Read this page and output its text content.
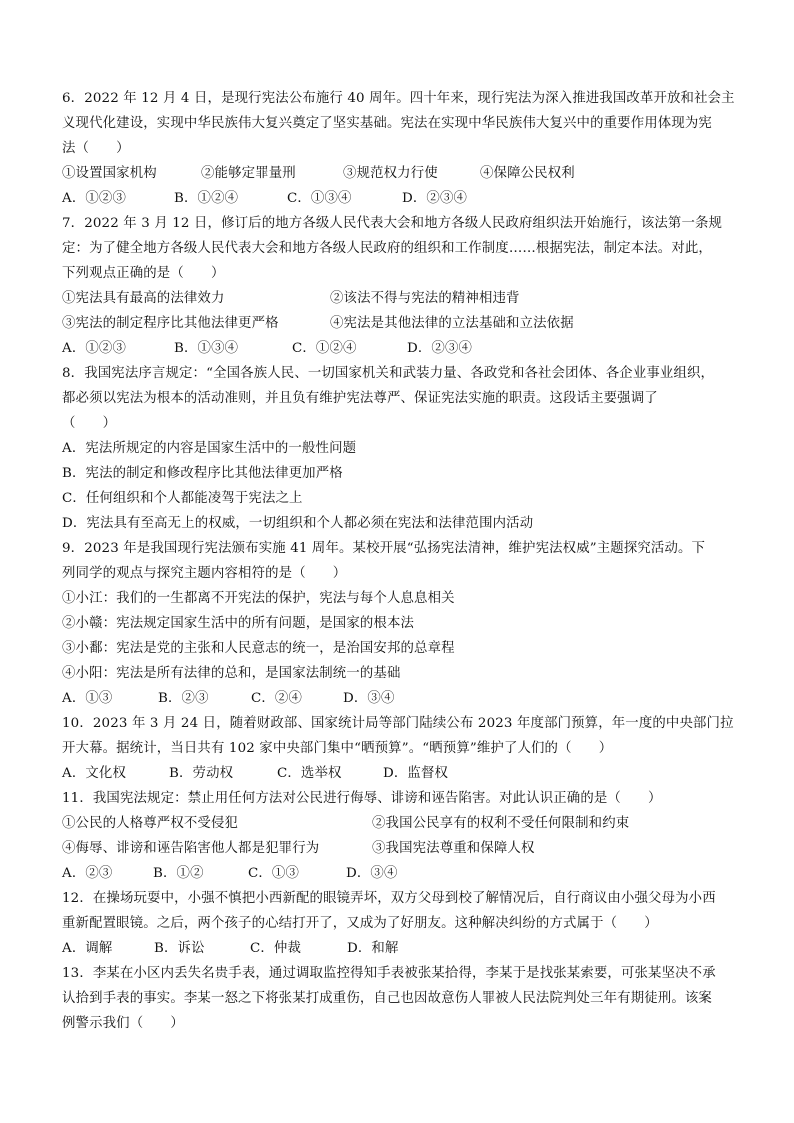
6．2022 年 12 月 4 日，是现行宪法公布施行 40 周年。四十年来，现行宪法为深入推进我国改革开放和社会主
义现代化建设，实现中华民族伟大复兴奠定了坚实基础。宪法在实现中华民族伟大复兴中的重要作用体现为宪
法（　　）
①设置国家机构	②能够定罪量刑	③规范权力行使	④保障公民权利
A．①②③	B．①②④	C．①③④	D．②③④
7．2022 年 3 月 12 日，修订后的地方各级人民代表大会和地方各级人民政府组织法开始施行，该法第一条规
定：为了健全地方各级人民代表大会和地方各级人民政府的组织和工作制度……根据宪法，制定本法。对此，
下列观点正确的是（　　）
①宪法具有最高的法律效力	②该法不得与宪法的精神相违背
③宪法的制定程序比其他法律更严格	④宪法是其他法律的立法基础和立法依据
A．①②③	B．①③④	C．①②④	D．②③④
8．我国宪法序言规定：“全国各族人民、一切国家机关和武装力量、各政党和各社会团体、各企业事业组织，
都必须以宪法为根本的活动准则，并且负有维护宪法尊严、保证宪法实施的职责。这段话主要强调了
（　　）
A．宪法所规定的内容是国家生活中的一般性问题
B．宪法的制定和修改程序比其他法律更加严格
C．任何组织和个人都能凌驾于宪法之上
D．宪法具有至高无上的权威，一切组织和个人都必须在宪法和法律范围内活动
9．2023 年是我国现行宪法颁布实施 41 周年。某校开展“弘扬宪法清神，维护宪法权威”主题探究活动。下
列同学的观点与探究主题内容相符的是（　　）
①小江：我们的一生都离不开宪法的保护，宪法与每个人息息相关
②小赣：宪法规定国家生活中的所有问题，是国家的根本法
③小鄱：宪法是党的主张和人民意志的统一，是治国安邦的总章程
④小阳：宪法是所有法律的总和，是国家法制统一的基础
A．①③	B．②③	C．②④	D．③④
10．2023 年 3 月 24 日，随着财政部、国家统计局等部门陆续公布 2023 年度部门预算，年一度的中央部门拉
开大幕。据统计，当日共有 102 家中央部门集中“晒预算”。“晒预算”维护了人们的（　　）
A．文化权	B．劳动权	C．选举权	D．监督权
11．我国宪法规定：禁止用任何方法对公民进行侮辱、诽谤和诬告陷害。对此认识正确的是（　　）
①公民的人格尊严权不受侵犯	②我国公民享有的权利不受任何限制和约束
④侮辱、诽谤和诬告陷害他人都是犯罪行为	③我国宪法尊重和保障人权
A．②③	B．①②	C．①③	D．③④
12．在操场玩耍中，小强不慎把小西新配的眼镜弄坏，双方父母到校了解情况后，自行商议由小强父母为小西
重新配置眼镜。之后，两个孩子的心结打开了，又成为了好朋友。这种解决纠纷的方式属于（　　）
A．调解	B．诉讼	C．仲裁	D．和解
13．李某在小区内丢失名贵手表，通过调取监控得知手表被张某拾得，李某于是找张某索要，可张某坚决不承
认拾到手表的事实。李某一怒之下将张某打成重伤，自己也因故意伤人罪被人民法院判处三年有期徒刑。该案
例警示我们（　　）
